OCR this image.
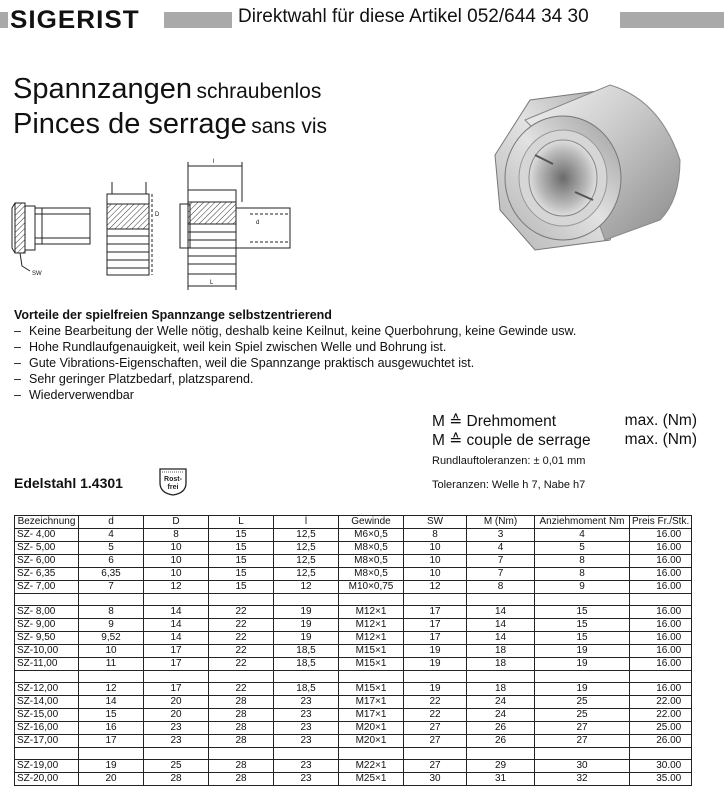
SIGERIST	Direktwahl für diese Artikel 052/644 34 30
Spannzangen schraubenlos
Pinces de serrage sans vis
SW
D
l
d
L
Vorteile der spielfreien Spannzange selbstzentrierend
– Keine Bearbeitung der Welle nötig, deshalb keine Keilnut, keine Querbohrung, keine Gewinde usw.
– Hohe Rundlaufgenauigkeit, weil kein Spiel zwischen Welle und Bohrung ist.
– Gute Vibrations-Eigenschaften, weil die Spannzange praktisch ausgewuchtet ist.
– Sehr geringer Platzbedarf, platzsparend.
– Wiederverwendbar
M ≙ Drehmoment	max. (Nm)
M ≙ couple de serrage max. (Nm)
Rundlauftoleranzen: ± 0,01 mm
Toleranzen: Welle h 7, Nabe h7
Edelstahl 1.4301	Rost-
frei
Bezeichnung	d	D	L	l	Gewinde	SW	M (Nm)	Anziehmoment Nm	Preis Fr./Stk.
SZ- 4,00	4	8	15	12,5	M6×0,5	8	3	4	16.00
SZ- 5,00	5	10	15	12,5	M8×0,5	10	4	5	16.00
SZ- 6,00	6	10	15	12,5	M8×0,5	10	7	8	16.00
SZ- 6,35	6,35	10	15	12,5	M8×0,5	10	7	8	16.00
SZ- 7,00	7	12	15	12	M10×0,75	12	8	9	16.00

SZ- 8,00	8	14	22	19	M12×1	17	14	15	16.00
SZ- 9,00	9	14	22	19	M12×1	17	14	15	16.00
SZ- 9,50	9,52	14	22	19	M12×1	17	14	15	16.00
SZ-10,00	10	17	22	18,5	M15×1	19	18	19	16.00
SZ-11,00	11	17	22	18,5	M15×1	19	18	19	16.00

SZ-12,00	12	17	22	18,5	M15×1	19	18	19	16.00
SZ-14,00	14	20	28	23	M17×1	22	24	25	22.00
SZ-15,00	15	20	28	23	M17×1	22	24	25	22.00
SZ-16,00	16	23	28	23	M20×1	27	26	27	25.00
SZ-17,00	17	23	28	23	M20×1	27	26	27	26.00

SZ-19,00	19	25	28	23	M22×1	27	29	30	30.00
SZ-20,00	20	28	28	23	M25×1	30	31	32	35.00
